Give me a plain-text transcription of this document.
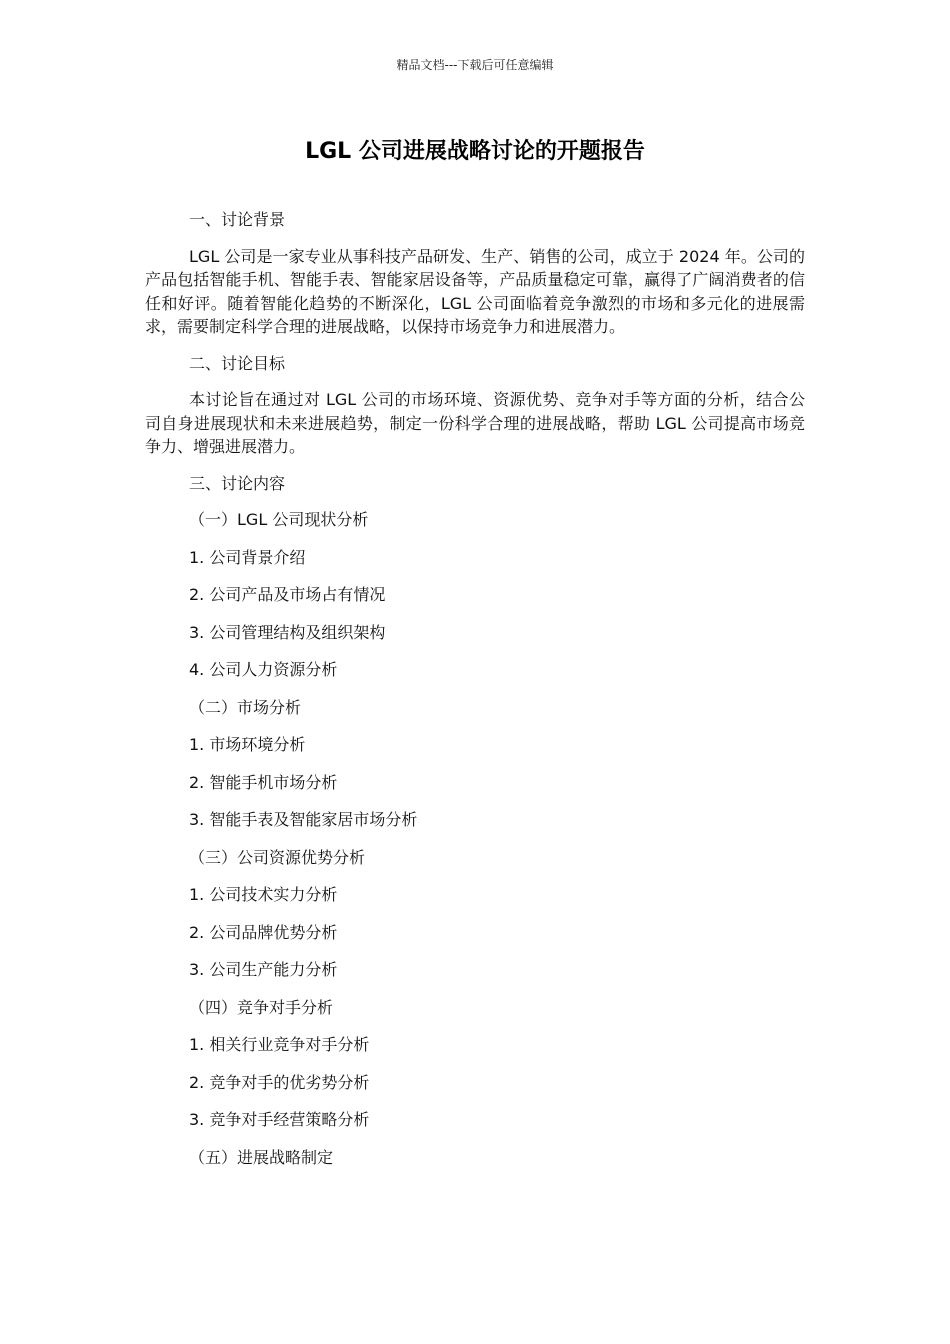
精品文档---下载后可任意编辑
LGL 公司进展战略讨论的开题报告

一、讨论背景

LGL 公司是一家专业从事科技产品研发、生产、销售的公司，成立于 2024 年。公司的产品包括智能手机、智能手表、智能家居设备等，产品质量稳定可靠，赢得了广阔消费者的信任和好评。随着智能化趋势的不断深化，LGL 公司面临着竞争激烈的市场和多元化的进展需求，需要制定科学合理的进展战略，以保持市场竞争力和进展潜力。

二、讨论目标

本讨论旨在通过对 LGL 公司的市场环境、资源优势、竞争对手等方面的分析，结合公司自身进展现状和未来进展趋势，制定一份科学合理的进展战略，帮助 LGL 公司提高市场竞争力、增强进展潜力。

三、讨论内容

（一）LGL 公司现状分析
1. 公司背景介绍
2. 公司产品及市场占有情况
3. 公司管理结构及组织架构
4. 公司人力资源分析
（二）市场分析
1. 市场环境分析
2. 智能手机市场分析
3. 智能手表及智能家居市场分析
（三）公司资源优势分析
1. 公司技术实力分析
2. 公司品牌优势分析
3. 公司生产能力分析
（四）竞争对手分析
1. 相关行业竞争对手分析
2. 竞争对手的优劣势分析
3. 竞争对手经营策略分析
（五）进展战略制定
